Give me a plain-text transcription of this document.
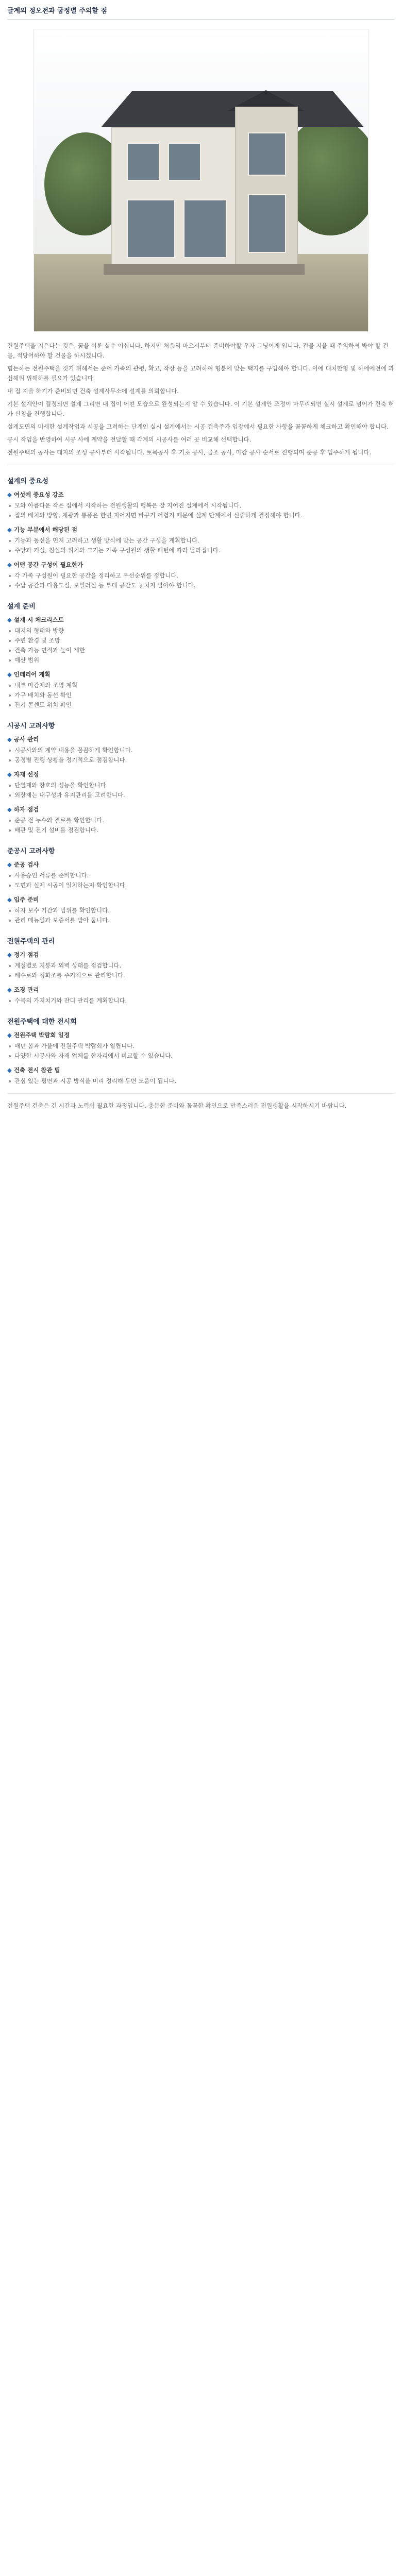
글계의 정오전과 굽정별 주의할 점

전원주택을 지은다는 것은, 꿈을 이룬 실수 이십니다. 하지만 처음의 마으서부터 준비하야할 우자 그닝이게 입니다. 건물 지을 때 주의하셔 봐야 할 건물, 적당어하야 할 건물을 하시겠니다.

힘든하는 전원주택을 짓기 위해서는 준어 가족의 관평, 확고, 작장 등을 고려하여 형분에 맞는 택지를 구입해야 합니다. 이에 대처한형 및 하에에전에 과심해위 위해하를 필요가 있습니다.

내 집 지을 하기가 준비되면 건축 설계사무소에 설계를 의뢰합니다.

기본 설계안이 결정되면 설계 그리면 내 집이 어떤 모습으로 완성되는지 알 수 있습니다. 이 기본 설계안 조정이 마무리되면 실시 설계로 넘어가 건축 허가 신청을 진행합니다.

설계도면의 미세한 설계작업과 시공을 고려하는 단계인 실시 설계에서는 시공 건축주가 입장에서 필요한 사항을 꼼꼼하게 체크하고 확인해야 합니다.

공시 작업을 반영하여 시공 사에 계약을 전달할 때 각계의 시공사를 여러 곳 비교해 선택합니다.

전원주택의 공사는 대지의 조성 공사부터 시작됩니다. 토목공사 후 기초 공사, 골조 공사, 마감 공사 순서로 진행되며 준공 후 입주하게 됩니다.

설계의 중요성
◆ 여섯에 중요성 강조
모와 아름다운 작은 집에서 시작하는 전원생활의 행복은 잘 지어진 설계에서 시작됩니다.
집의 배치와 방향, 채광과 통풍은 한번 지어지면 바꾸기 어렵기 때문에 설계 단계에서 신중하게 결정해야 합니다.
◆ 기능 부분에서 해당된 점
기능과 동선을 먼저 고려하고 생활 방식에 맞는 공간 구성을 계획합니다.
주방과 거실, 침실의 위치와 크기는 가족 구성원의 생활 패턴에 따라 달라집니다.
◆ 어떤 공간 구성이 필요한가
각 가족 구성원이 필요한 공간을 정리하고 우선순위를 정합니다.
수납 공간과 다용도실, 보일러실 등 부대 공간도 놓치지 말아야 합니다.
설계 준비
◆ 설계 시 체크리스트
대지의 형태와 방향
주변 환경 및 조망
건축 가능 면적과 높이 제한
예산 범위
◆ 인테리어 계획
내부 마감재와 조명 계획
가구 배치와 동선 확인
전기 콘센트 위치 확인
시공시 고려사항
◆ 공사 관리
시공사와의 계약 내용을 꼼꼼하게 확인합니다.
공정별 진행 상황을 정기적으로 점검합니다.
◆ 자재 선정
단열재와 창호의 성능을 확인합니다.
외장재는 내구성과 유지관리를 고려합니다.
◆ 하자 점검
준공 전 누수와 결로를 확인합니다.
배관 및 전기 설비를 점검합니다.
준공시 고려사항
◆ 준공 검사
사용승인 서류를 준비합니다.
도면과 실제 시공이 일치하는지 확인합니다.
◆ 입주 준비
하자 보수 기간과 범위를 확인합니다.
관리 매뉴얼과 보증서를 받아 둡니다.
전원주택의 관리
◆ 정기 점검
계절별로 지붕과 외벽 상태를 점검합니다.
배수로와 정화조를 주기적으로 관리합니다.
◆ 조경 관리
수목의 가지치기와 잔디 관리를 계획합니다.
전원주택에 대한 전시회
◆ 전원주택 박람회 일정
매년 봄과 가을에 전원주택 박람회가 열립니다.
다양한 시공사와 자재 업체를 한자리에서 비교할 수 있습니다.
◆ 건축 전시 참관 팁
관심 있는 평면과 시공 방식을 미리 정리해 두면 도움이 됩니다.

전원주택 건축은 긴 시간과 노력이 필요한 과정입니다. 충분한 준비와 꼼꼼한 확인으로 만족스러운 전원생활을 시작하시기 바랍니다.
